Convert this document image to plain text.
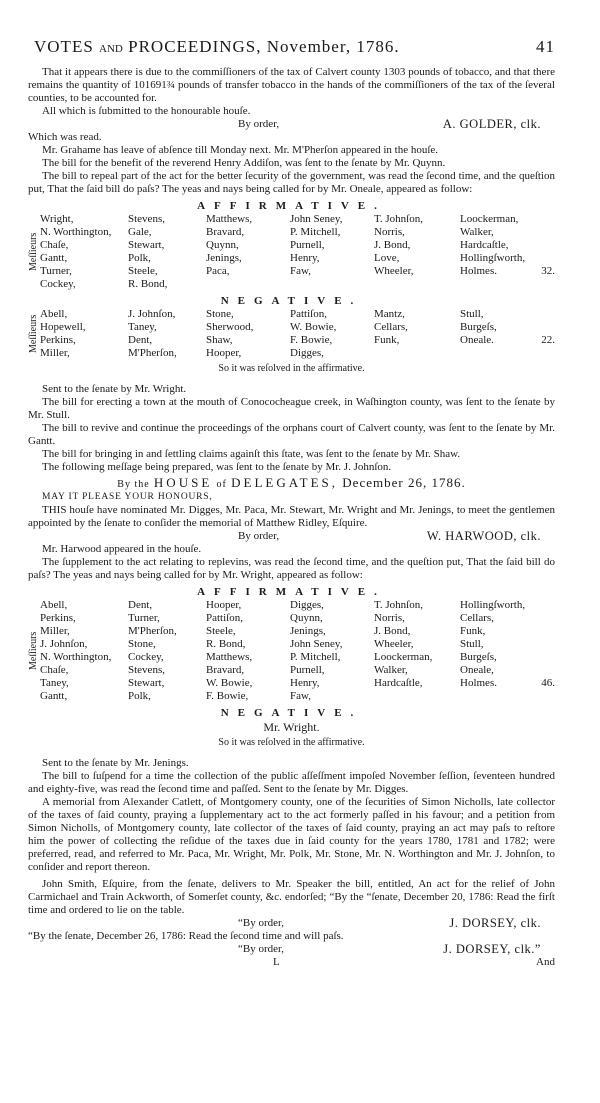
VOTES AND PROCEEDINGS, November, 1786.	41

That it appears there is due to the commiſſioners of the tax of Calvert county 1303 pounds of tobacco, and that there remains the quantity of 101691¾ pounds of transfer tobacco in the hands of the commiſſioners of the tax of the ſeveral counties, to be accounted for.

All which is ſubmitted to the honourable houſe.

By order,	A. GOLDER, clk.

Which was read.

Mr. Grahame has leave of abſence till Monday next. Mr. M'Pherſon appeared in the houſe.

The bill for the benefit of the reverend Henry Addiſon, was ſent to the ſenate by Mr. Quynn.

The bill to repeal part of the act for the better ſecurity of the government, was read the ſecond time, and the queſtion put, That the ſaid bill do paſs? The yeas and nays being called for by Mr. Oneale, appeared as follow:

AFFIRMATIVE.
Meſſieurs
Wright,	Stevens,	Matthews,	John Seney,	T. Johnſon,	Loockerman,
N. Worthington,	Gale,	Bravard,	P. Mitchell,	Norris,	Walker,
Chaſe,	Stewart,	Quynn,	Purnell,	J. Bond,	Hardcaſtle,
Gantt,	Polk,	Jenings,	Henry,	Love,	Hollingſworth,
Turner,	Steele,	Paca,	Faw,	Wheeler,	Holmes.	32.
Cockey,	R. Bond,
NEGATIVE.
Meſſieurs
Abell,	J. Johnſon,	Stone,	Pattiſon,	Mantz,	Stull,
Hopewell,	Taney,	Sherwood,	W. Bowie,	Cellars,	Burgeſs,
Perkins,	Dent,	Shaw,	F. Bowie,	Funk,	Oneale.	22.
Miller,	M'Pherſon,	Hooper,	Digges,
So it was reſolved in the affirmative.

Sent to the ſenate by Mr. Wright.

The bill for erecting a town at the mouth of Conococheague creek, in Waſhington county, was ſent to the ſenate by Mr. Stull.

The bill to revive and continue the proceedings of the orphans court of Calvert county, was ſent to the ſenate by Mr. Gantt.

The bill for bringing in and ſettling claims againſt this ſtate, was ſent to the ſenate by Mr. Shaw.

The following meſſage being prepared, was ſent to the ſenate by Mr. J. Johnſon.

By the HOUSE of DELEGATES, December 26, 1786.
MAY IT PLEASE YOUR HONOURS,

THIS houſe have nominated Mr. Digges, Mr. Paca, Mr. Stewart, Mr. Wright and Mr. Jenings, to meet the gentlemen appointed by the ſenate to conſider the memorial of Matthew Ridley, Eſquire.

By order,	W. HARWOOD, clk.

Mr. Harwood appeared in the houſe.

The ſupplement to the act relating to replevins, was read the ſecond time, and the queſtion put, That the ſaid bill do paſs? The yeas and nays being called for by Mr. Wright, appeared as follow:

AFFIRMATIVE.
Meſſieurs
Abell,	Dent,	Hooper,	Digges,	T. Johnſon,	Hollingſworth,
Perkins,	Turner,	Pattiſon,	Quynn,	Norris,	Cellars,
Miller,	M'Pherſon,	Steele,	Jenings,	J. Bond,	Funk,
J. Johnſon,	Stone,	R. Bond,	John Seney,	Wheeler,	Stull,
N. Worthington,	Cockey,	Matthews,	P. Mitchell,	Loockerman,	Burgeſs,
Chaſe,	Stevens,	Bravard,	Purnell,	Walker,	Oneale,
Taney,	Stewart,	W. Bowie,	Henry,	Hardcaſtle,	Holmes.	46.
Gantt,	Polk,	F. Bowie,	Faw,
NEGATIVE.
Mr. Wright.
So it was reſolved in the affirmative.

Sent to the ſenate by Mr. Jenings.

The bill to ſuſpend for a time the collection of the public aſſeſſment impoſed November ſeſſion, ſeventeen hundred and eighty-five, was read the ſecond time and paſſed. Sent to the ſenate by Mr. Digges.

A memorial from Alexander Catlett, of Montgomery county, one of the ſecurities of Simon Nicholls, late collector of the taxes of ſaid county, praying a ſupplementary act to the act formerly paſſed in his favour; and a petition from Simon Nicholls, of Montgomery county, late collector of the taxes of ſaid county, praying an act may paſs to reſtore him the power of collecting the reſidue of the taxes due in ſaid county for the years 1780, 1781 and 1782; were preferred, read, and referred to Mr. Paca, Mr. Wright, Mr. Polk, Mr. Stone, Mr. N. Worthington and Mr. J. Johnſon, to conſider and report thereon.

John Smith, Eſquire, from the ſenate, delivers to Mr. Speaker the bill, entitled, An act for the relief of John Carmichael and Train Ackworth, of Somerſet county, &c. endorſed; “By the “ſenate, December 20, 1786: Read the firſt time and ordered to lie on the table.

“By order,	J. DORSEY, clk.

“By the ſenate, December 26, 1786: Read the ſecond time and will paſs.

“By order,	J. DORSEY, clk.”
L	And
